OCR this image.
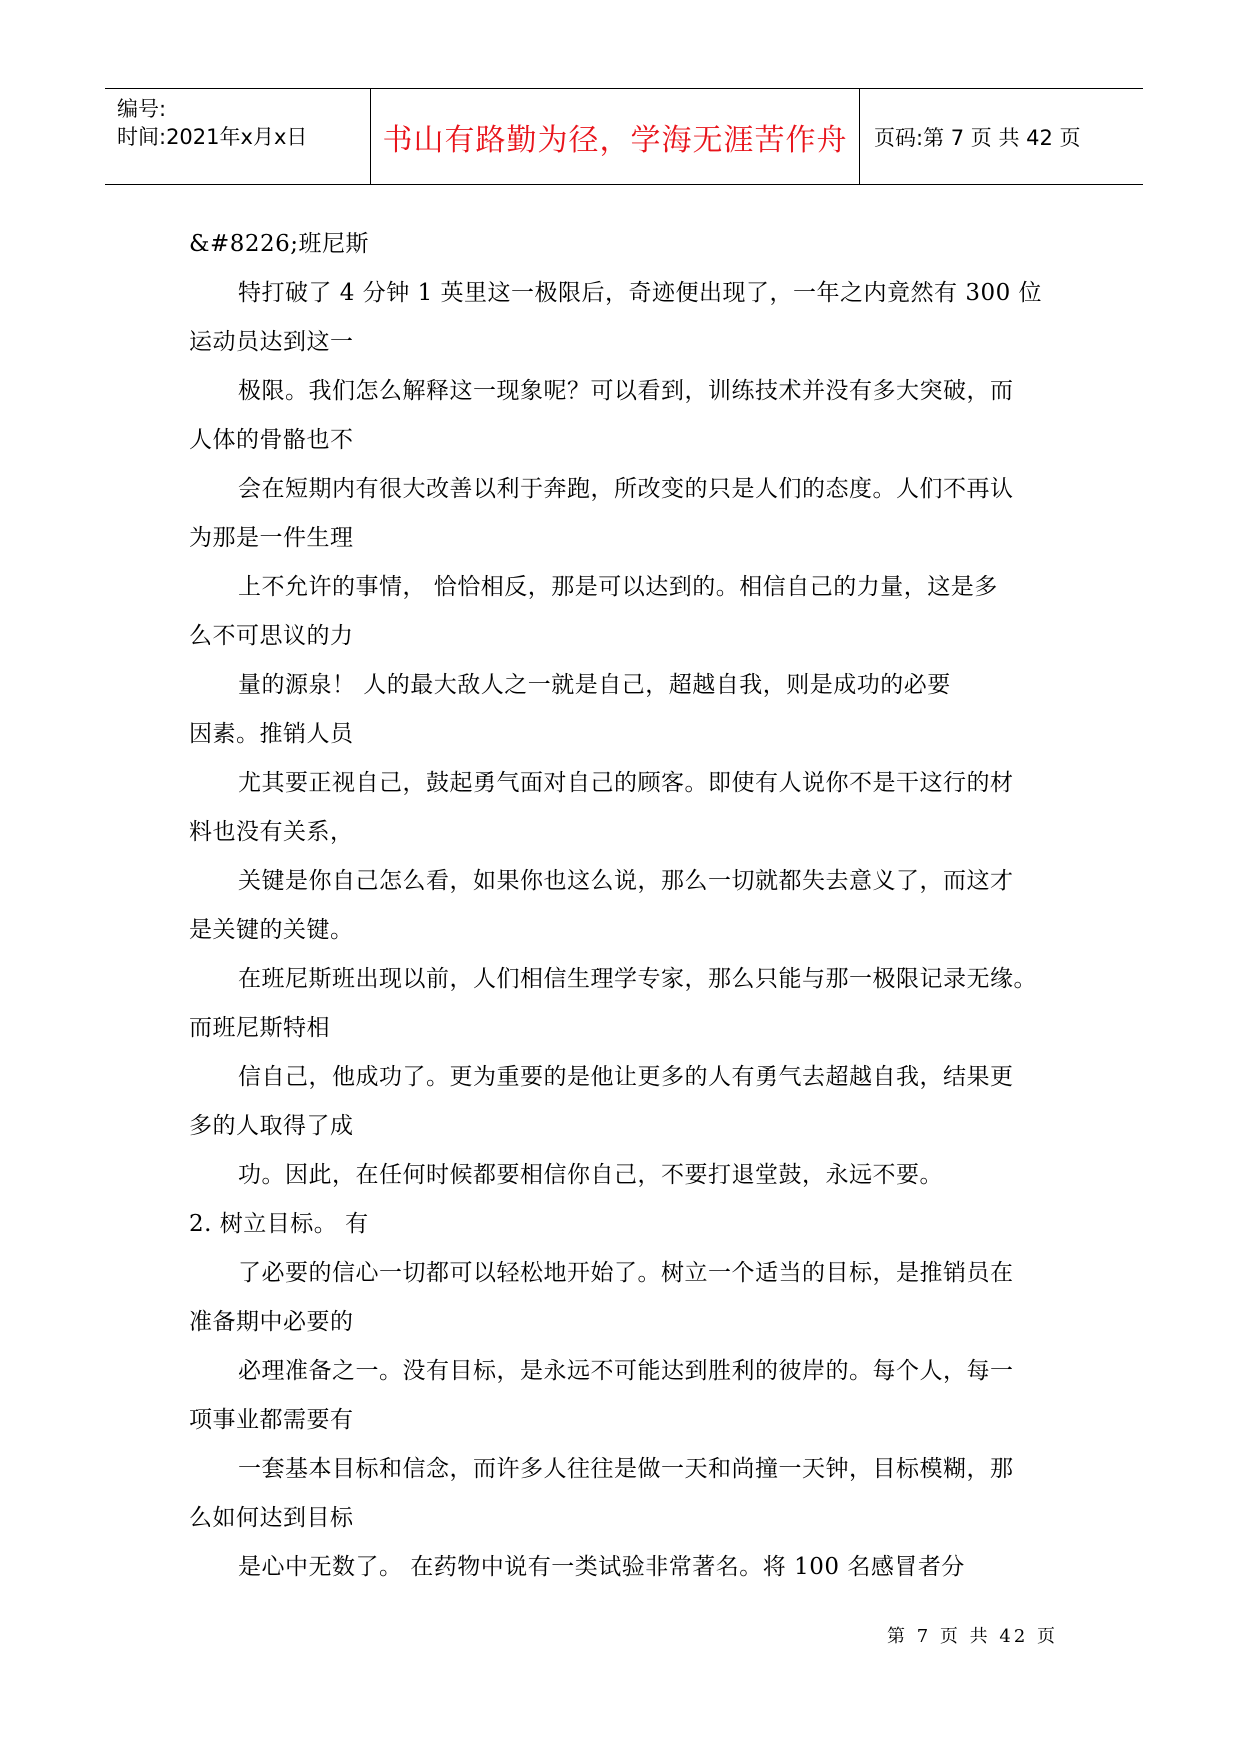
编号:
时间:2021年x月x日	书山有路勤为径，学海无涯苦作舟 页码:第 7 页 共 42 页

&#8226;班尼斯

特打破了 4 分钟 1 英里这一极限后，奇迹便出现了，一年之内竟然有 300 位
运动员达到这一

极限。我们怎么解释这一现象呢？可以看到，训练技术并没有多大突破，而
人体的骨骼也不

会在短期内有很大改善以利于奔跑，所改变的只是人们的态度。人们不再认
为那是一件生理

上不允许的事情， 恰恰相反，那是可以达到的。相信自己的力量，这是多
么不可思议的力

量的源泉！ 人的最大敌人之一就是自己，超越自我，则是成功的必要
因素。推销人员

尤其要正视自己，鼓起勇气面对自己的顾客。即使有人说你不是干这行的材
料也没有关系，

关键是你自己怎么看，如果你也这么说，那么一切就都失去意义了，而这才
是关键的关键。

在班尼斯班出现以前，人们相信生理学专家，那么只能与那一极限记录无缘。
而班尼斯特相

信自己，他成功了。更为重要的是他让更多的人有勇气去超越自我，结果更
多的人取得了成

功。因此，在任何时候都要相信你自己，不要打退堂鼓，永远不要。
2. 树立目标。 有

了必要的信心一切都可以轻松地开始了。树立一个适当的目标，是推销员在
准备期中必要的

必理准备之一。没有目标，是永远不可能达到胜利的彼岸的。每个人，每一
项事业都需要有

一套基本目标和信念，而许多人往往是做一天和尚撞一天钟，目标模糊，那
么如何达到目标

是心中无数了。 在药物中说有一类试验非常著名。将 100 名感冒者分

第 7 页 共 42 页
